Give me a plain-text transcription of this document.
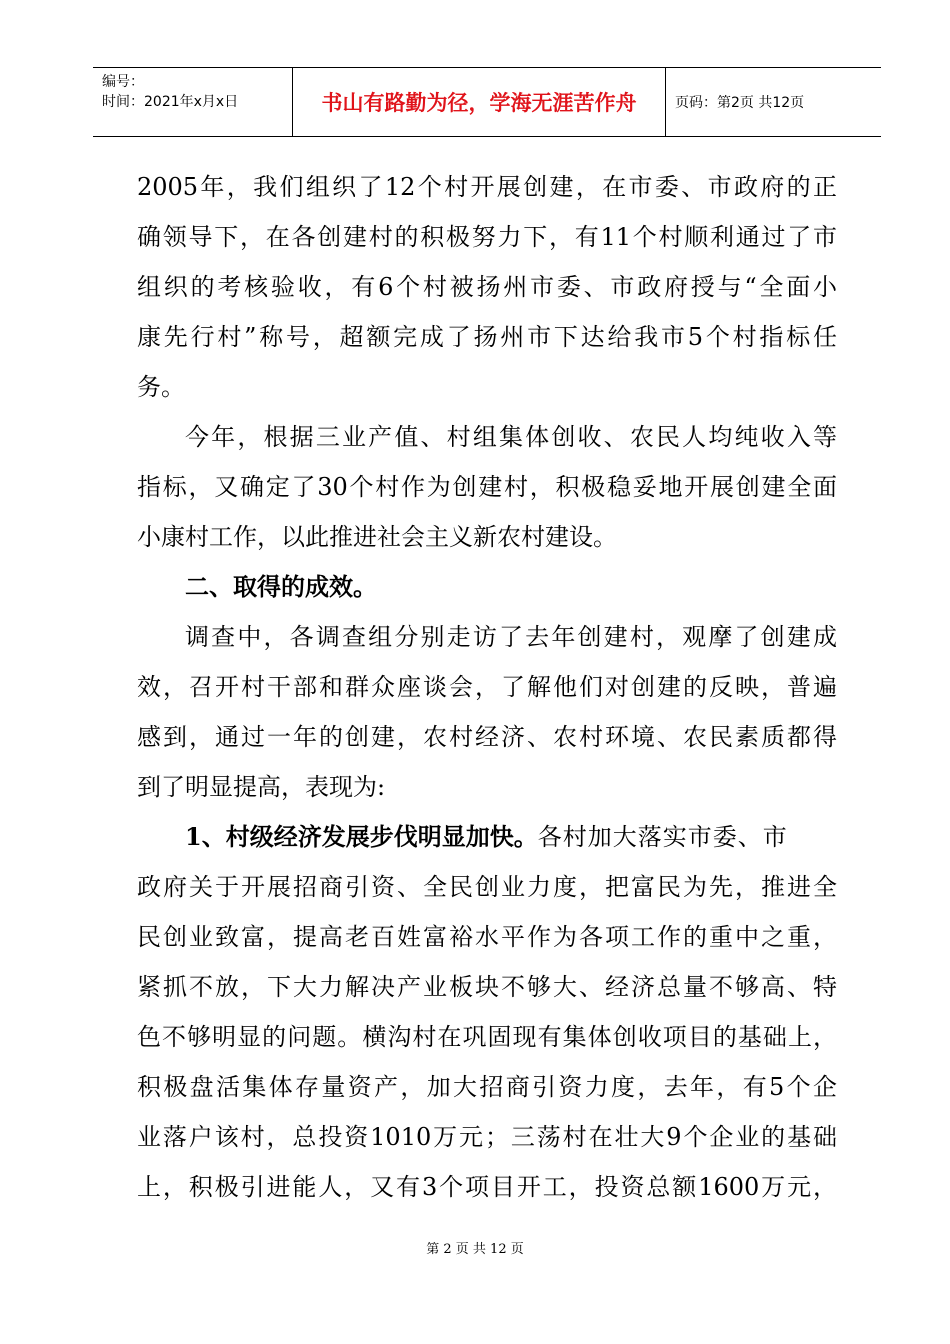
编号：
时间：2021年x月x日	书山有路勤为径，学海无涯苦作舟	页码：第2页 共12页
2005年，我们组织了12个村开展创建，在市委、市政府的正
确领导下，在各创建村的积极努力下，有11个村顺利通过了市
组织的考核验收，有6个村被扬州市委、市政府授与“全面小
康先行村”称号，超额完成了扬州市下达给我市5个村指标任
务。
今年，根据三业产值、村组集体创收、农民人均纯收入等
指标，又确定了30个村作为创建村，积极稳妥地开展创建全面
小康村工作，以此推进社会主义新农村建设。
二、取得的成效。
调查中，各调查组分别走访了去年创建村，观摩了创建成
效，召开村干部和群众座谈会，了解他们对创建的反映，普遍
感到，通过一年的创建，农村经济、农村环境、农民素质都得
到了明显提高，表现为:
1、村级经济发展步伐明显加快。各村加大落实市委、市
政府关于开展招商引资、全民创业力度，把富民为先，推进全
民创业致富，提高老百姓富裕水平作为各项工作的重中之重，
紧抓不放，下大力解决产业板块不够大、经济总量不够高、特
色不够明显的问题。横沟村在巩固现有集体创收项目的基础上，
积极盘活集体存量资产，加大招商引资力度，去年，有5个企
业落户该村，总投资1010万元；三荡村在壮大9个企业的基础
上，积极引进能人，又有3个项目开工，投资总额1600万元，
第 2 页 共 12 页
